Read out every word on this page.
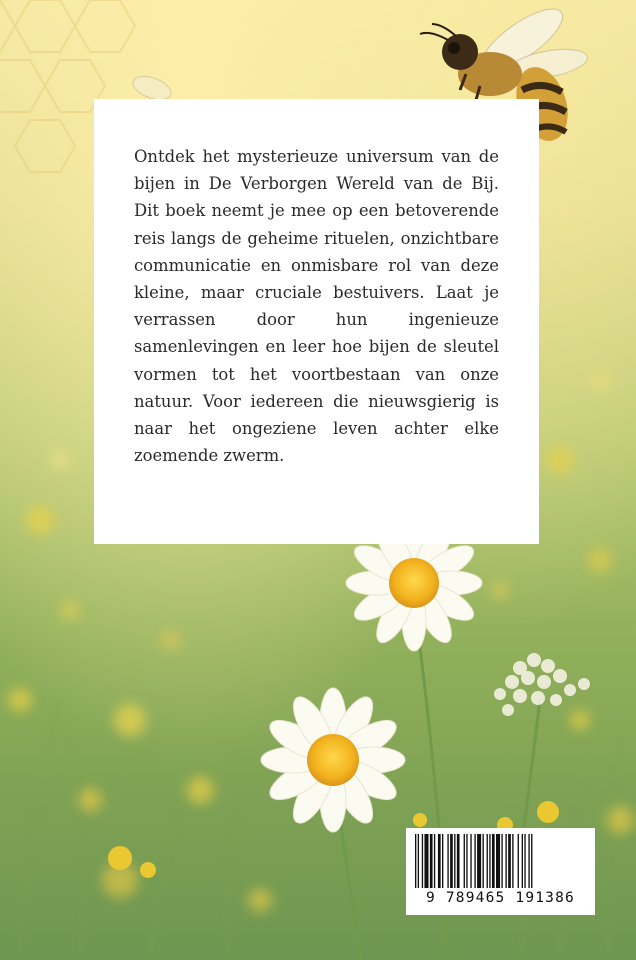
Ontdek het mysterieuze universum van de bijen in De Verborgen Wereld van de Bij. Dit boek neemt je mee op een betoverende reis langs de geheime rituelen, onzichtbare communicatie en onmisbare rol van deze kleine, maar cruciale bestuivers. Laat je verrassen door hun ingenieuze samenlevingen en leer hoe bijen de sleutel vormen tot het voortbestaan van onze natuur. Voor iedereen die nieuwsgierig is naar het ongeziene leven achter elke zoemende zwerm.

9 789465 191386
